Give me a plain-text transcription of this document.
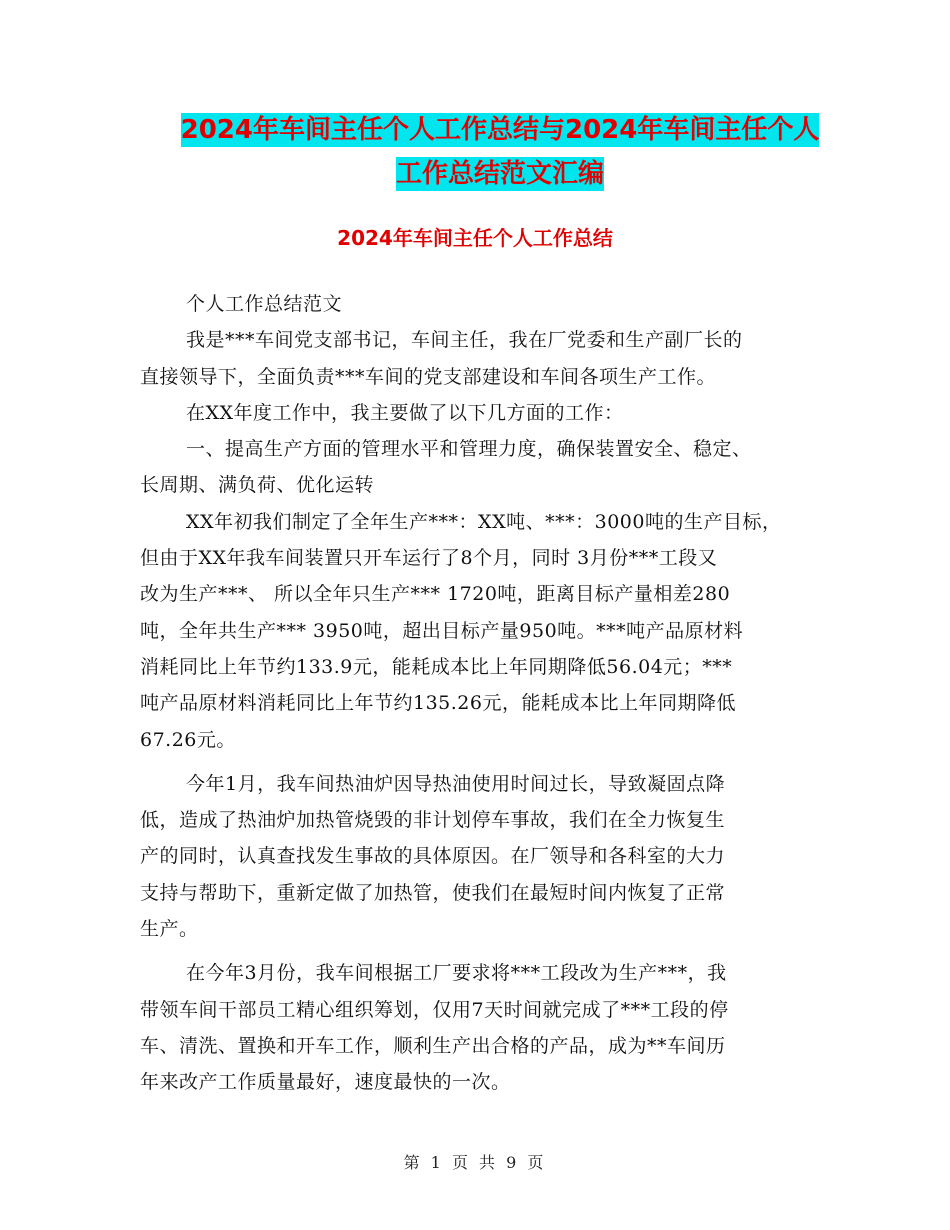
2024年车间主任个人工作总结与2024年车间主任个人
工作总结范文汇编
2024年车间主任个人工作总结
个人工作总结范文
我是***车间党支部书记，车间主任，我在厂党委和生产副厂长的
直接领导下，全面负责***车间的党支部建设和车间各项生产工作。
在XX年度工作中，我主要做了以下几方面的工作：
一、提高生产方面的管理水平和管理力度，确保装置安全、稳定、
长周期、满负荷、优化运转
XX年初我们制定了全年生产***：XX吨、***：3000吨的生产目标，
但由于XX年我车间装置只开车运行了8个月，同时 3月份***工段又
改为生产***、 所以全年只生产*** 1720吨，距离目标产量相差280
吨，全年共生产*** 3950吨，超出目标产量950吨。***吨产品原材料
消耗同比上年节约133.9元，能耗成本比上年同期降低56.04元；***
吨产品原材料消耗同比上年节约135.26元，能耗成本比上年同期降低
67.26元。
今年1月，我车间热油炉因导热油使用时间过长，导致凝固点降
低，造成了热油炉加热管烧毁的非计划停车事故，我们在全力恢复生
产的同时，认真查找发生事故的具体原因。在厂领导和各科室的大力
支持与帮助下，重新定做了加热管，使我们在最短时间内恢复了正常
生产。
在今年3月份，我车间根据工厂要求将***工段改为生产***，我
带领车间干部员工精心组织筹划，仅用7天时间就完成了***工段的停
车、清洗、置换和开车工作，顺利生产出合格的产品，成为**车间历
年来改产工作质量最好，速度最快的一次。
第 1 页 共 9 页
